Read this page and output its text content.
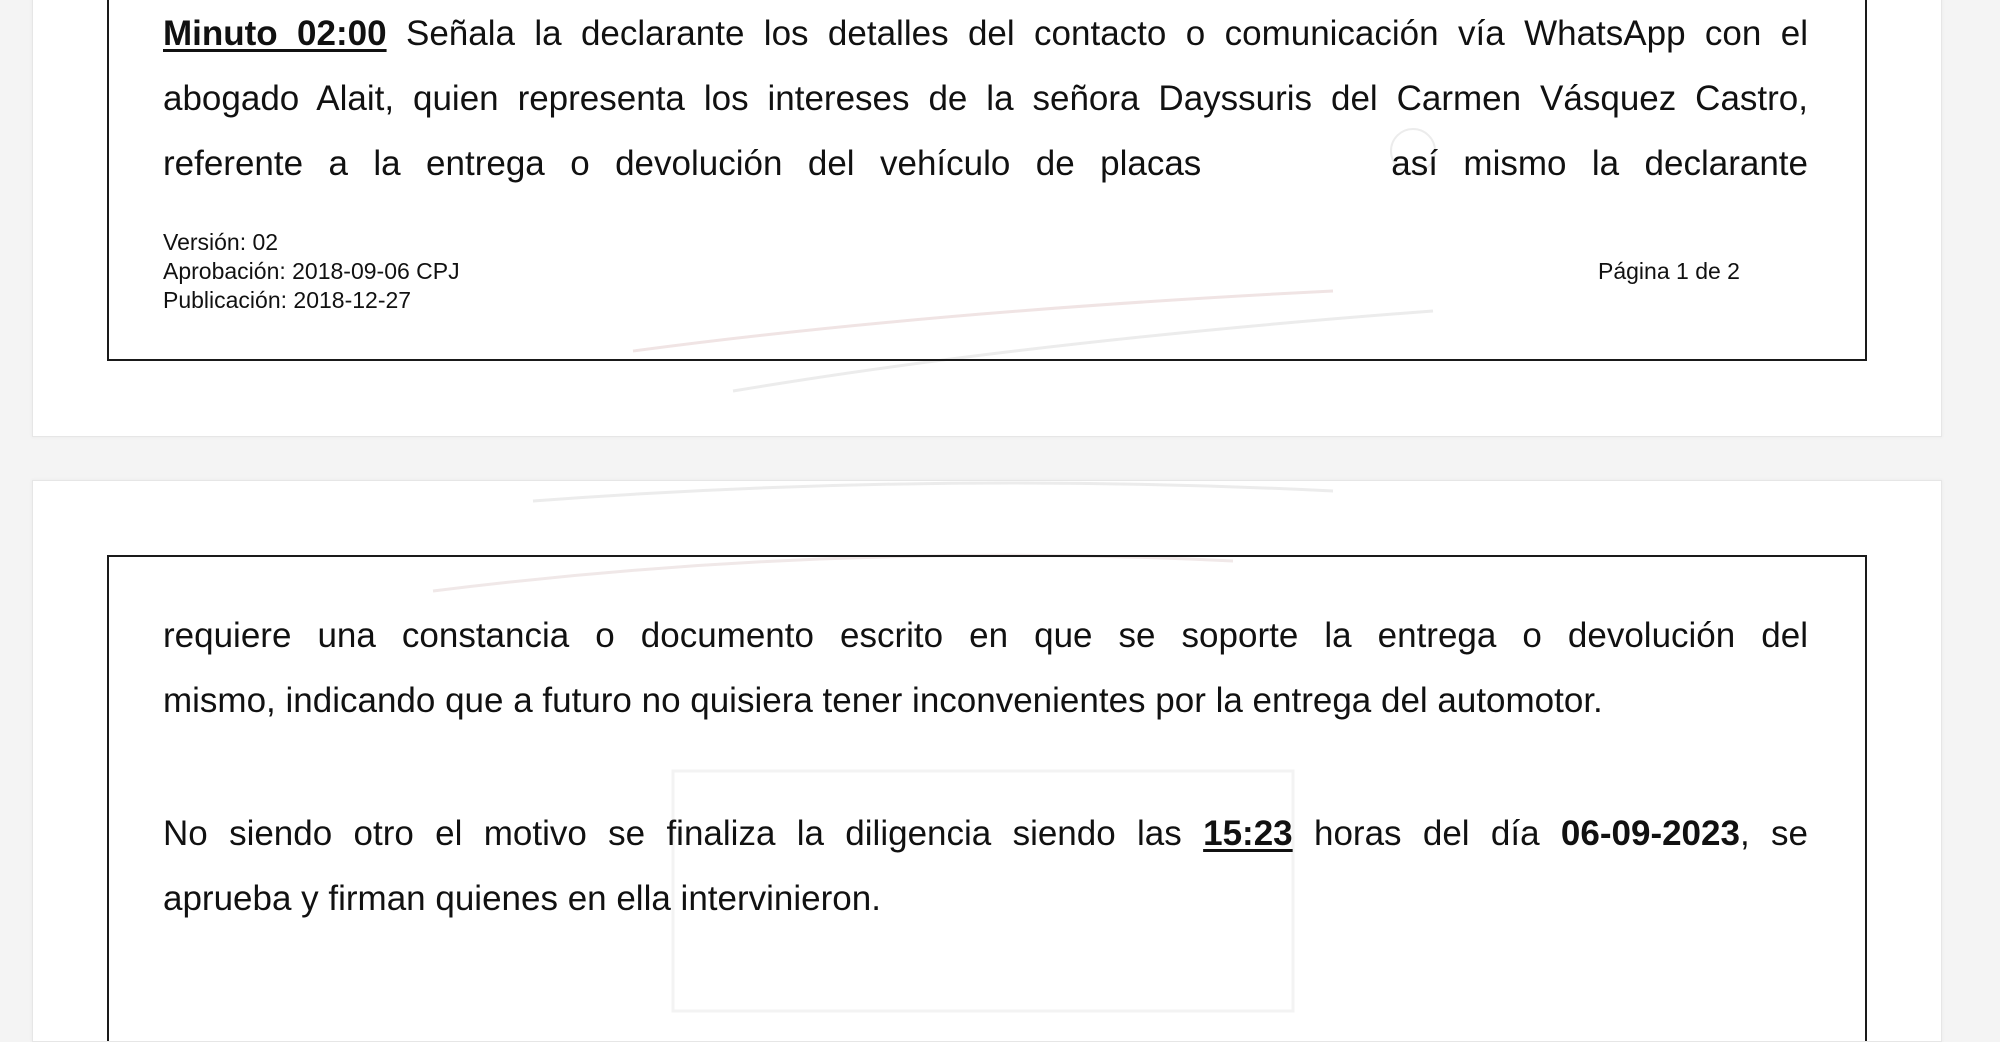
Minuto 02:00 Señala la declarante los detalles del contacto o comunicación vía WhatsApp con el
abogado Alait, quien representa los intereses de la señora Dayssuris del Carmen Vásquez Castro,
referente a la entrega o devolución del vehículo de placas	así mismo la declarante
Versión: 02
Aprobación: 2018-09-06 CPJ
Publicación: 2018-12-27
Página 1 de 2
requiere una constancia o documento escrito en que se soporte la entrega o devolución del
mismo, indicando que a futuro no quisiera tener inconvenientes por la entrega del automotor.
No siendo otro el motivo se finaliza la diligencia siendo las 15:23 horas del día 06-09-2023, se
aprueba y firman quienes en ella intervinieron.
